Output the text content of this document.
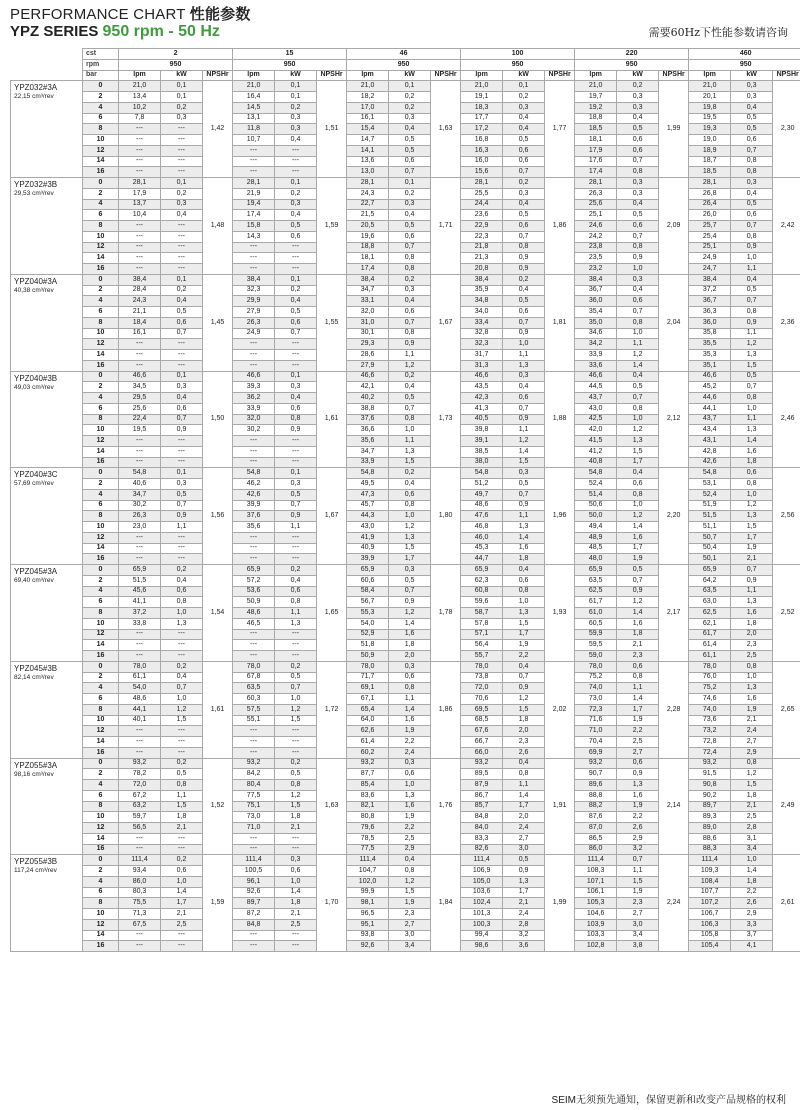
PERFORMANCE CHART 性能参数
YPZ SERIES 950 rpm - 50 Hz	需要60Hz下性能参数请咨询
	cst	2			15			46			100			220			460		
	rpm	950			950			950			950			950			950		
	bar	lpm	kW	NPSHr	lpm	kW	NPSHr	lpm	kW	NPSHr	lpm	kW	NPSHr	lpm	kW	NPSHr	lpm	kW	NPSHr
YPZ032#3A
22,15 cm³/rev	0	21,0	0,1	1,42	21,0	0,1	1,51	21,0	0,1	1,63	21,0	0,1	1,77	21,0	0,2	1,99	21,0	0,3	2,30
	2	13,4	0,1		16,4	0,1		18,2	0,2		19,1	0,2		19,7	0,3		20,1	0,3	
	4	10,2	0,2		14,5	0,2		17,0	0,2		18,3	0,3		19,2	0,3		19,8	0,4	
	6	7,8	0,3		13,1	0,3		16,1	0,3		17,7	0,4		18,8	0,4		19,5	0,5	
	8	---	---		11,8	0,3		15,4	0,4		17,2	0,4		18,5	0,5		19,3	0,5	
	10	---	---		10,7	0,4		14,7	0,5		16,8	0,5		18,1	0,6		19,0	0,6	
	12	---	---		---	---		14,1	0,5		16,3	0,6		17,9	0,6		18,9	0,7	
	14	---	---		---	---		13,6	0,6		16,0	0,6		17,6	0,7		18,7	0,8	
	16	---	---		---	---		13,0	0,7		15,6	0,7		17,4	0,8		18,5	0,8	
YPZ032#3B
29,53 cm³/rev	0	28,1	0,1	1,48	28,1	0,1	1,59	28,1	0,1	1,71	28,1	0,2	1,86	28,1	0,3	2,09	28,1	0,3	2,42
	2	17,9	0,2		21,9	0,2		24,3	0,2		25,5	0,3		26,3	0,3		26,8	0,4	
	4	13,7	0,3		19,4	0,3		22,7	0,3		24,4	0,4		25,6	0,4		26,4	0,5	
	6	10,4	0,4		17,4	0,4		21,5	0,4		23,6	0,5		25,1	0,5		26,0	0,6	
	8	---	---		15,8	0,5		20,5	0,5		22,9	0,6		24,6	0,6		25,7	0,7	
	10	---	---		14,3	0,6		19,6	0,6		22,3	0,7		24,2	0,7		25,4	0,8	
	12	---	---		---	---		18,8	0,7		21,8	0,8		23,8	0,8		25,1	0,9	
	14	---	---		---	---		18,1	0,8		21,3	0,9		23,5	0,9		24,9	1,0	
	16	---	---		---	---		17,4	0,8		20,8	0,9		23,2	1,0		24,7	1,1	
YPZ040#3A
40,38 cm³/rev	0	38,4	0,1	1,45	38,4	0,1	1,55	38,4	0,2	1,67	38,4	0,2	1,81	38,4	0,3	2,04	38,4	0,4	2,36
	2	28,4	0,2		32,3	0,2		34,7	0,3		35,9	0,4		36,7	0,4		37,2	0,5	
	4	24,3	0,4		29,9	0,4		33,1	0,4		34,8	0,5		36,0	0,6		36,7	0,7	
	6	21,1	0,5		27,9	0,5		32,0	0,6		34,0	0,6		35,4	0,7		36,3	0,8	
	8	18,4	0,6		26,3	0,6		31,0	0,7		33,4	0,7		35,0	0,8		36,0	0,9	
	10	16,1	0,7		24,9	0,7		30,1	0,8		32,8	0,9		34,6	1,0		35,8	1,1	
	12	---	---		---	---		29,3	0,9		32,3	1,0		34,2	1,1		35,5	1,2	
	14	---	---		---	---		28,6	1,1		31,7	1,1		33,9	1,2		35,3	1,3	
	16	---	---		---	---		27,9	1,2		31,3	1,3		33,6	1,4		35,1	1,5	
YPZ040#3B
49,03 cm³/rev	0	46,6	0,1	1,50	46,6	0,1	1,61	46,6	0,2	1,73	46,6	0,3	1,88	46,6	0,4	2,12	46,6	0,5	2,46
	2	34,5	0,3		39,3	0,3		42,1	0,4		43,5	0,4		44,5	0,5		45,2	0,7	
	4	29,5	0,4		36,2	0,4		40,2	0,5		42,3	0,6		43,7	0,7		44,6	0,8	
	6	25,6	0,6		33,9	0,6		38,8	0,7		41,3	0,7		43,0	0,8		44,1	1,0	
	8	22,4	0,7		32,0	0,8		37,6	0,8		40,5	0,9		42,5	1,0		43,7	1,1	
	10	19,5	0,9		30,2	0,9		36,6	1,0		39,8	1,1		42,0	1,2		43,4	1,3	
	12	---	---		---	---		35,6	1,1		39,1	1,2		41,5	1,3		43,1	1,4	
	14	---	---		---	---		34,7	1,3		38,5	1,4		41,2	1,5		42,8	1,6	
	16	---	---		---	---		33,9	1,5		38,0	1,5		40,8	1,7		42,6	1,8	
YPZ040#3C
57,69 cm³/rev	0	54,8	0,1	1,56	54,8	0,1	1,67	54,8	0,2	1,80	54,8	0,3	1,96	54,8	0,4	2,20	54,8	0,6	2,56
	2	40,6	0,3		46,2	0,3		49,5	0,4		51,2	0,5		52,4	0,6		53,1	0,8	
	4	34,7	0,5		42,6	0,5		47,3	0,6		49,7	0,7		51,4	0,8		52,4	1,0	
	6	30,2	0,7		39,9	0,7		45,7	0,8		48,6	0,9		50,6	1,0		51,9	1,2	
	8	26,3	0,9		37,6	0,9		44,3	1,0		47,6	1,1		50,0	1,2		51,5	1,3	
	10	23,0	1,1		35,6	1,1		43,0	1,2		46,8	1,3		49,4	1,4		51,1	1,5	
	12	---	---		---	---		41,9	1,3		46,0	1,4		48,9	1,6		50,7	1,7	
	14	---	---		---	---		40,9	1,5		45,3	1,6		48,5	1,7		50,4	1,9	
	16	---	---		---	---		39,9	1,7		44,7	1,8		48,0	1,9		50,1	2,1	
YPZ045#3A
69,40 cm³/rev	0	65,9	0,2	1,54	65,9	0,2	1,65	65,9	0,3	1,78	65,9	0,4	1,93	65,9	0,5	2,17	65,9	0,7	2,52
	2	51,5	0,4		57,2	0,4		60,6	0,5		62,3	0,6		63,5	0,7		64,2	0,9	
	4	45,6	0,6		53,6	0,6		58,4	0,7		60,8	0,8		62,5	0,9		63,5	1,1	
	6	41,1	0,8		50,9	0,8		56,7	0,9		59,6	1,0		61,7	1,2		63,0	1,3	
	8	37,2	1,0		48,6	1,1		55,3	1,2		58,7	1,3		61,0	1,4		62,5	1,6	
	10	33,8	1,3		46,5	1,3		54,0	1,4		57,8	1,5		60,5	1,6		62,1	1,8	
	12	---	---		---	---		52,9	1,6		57,1	1,7		59,9	1,8		61,7	2,0	
	14	---	---		---	---		51,8	1,8		56,4	1,9		59,5	2,1		61,4	2,3	
	16	---	---		---	---		50,9	2,0		55,7	2,2		59,0	2,3		61,1	2,5	
YPZ045#3B
82,14 cm³/rev	0	78,0	0,2	1,61	78,0	0,2	1,72	78,0	0,3	1,86	78,0	0,4	2,02	78,0	0,6	2,28	78,0	0,8	2,65
	2	61,1	0,4		67,8	0,5		71,7	0,6		73,8	0,7		75,2	0,8		76,0	1,0	
	4	54,0	0,7		63,5	0,7		69,1	0,8		72,0	0,9		74,0	1,1		75,2	1,3	
	6	48,6	1,0		60,3	1,0		67,1	1,1		70,6	1,2		73,0	1,4		74,6	1,6	
	8	44,1	1,2		57,5	1,2		65,4	1,4		69,5	1,5		72,3	1,7		74,0	1,9	
	10	40,1	1,5		55,1	1,5		64,0	1,6		68,5	1,8		71,6	1,9		73,6	2,1	
	12	---	---		---	---		62,6	1,9		67,6	2,0		71,0	2,2		73,2	2,4	
	14	---	---		---	---		61,4	2,2		66,7	2,3		70,4	2,5		72,8	2,7	
	16	---	---		---	---		60,2	2,4		66,0	2,6		69,9	2,7		72,4	2,9	
YPZ055#3A
98,16 cm³/rev	0	93,2	0,2	1,52	93,2	0,2	1,63	93,2	0,3	1,76	93,2	0,4	1,91	93,2	0,6	2,14	93,2	0,8	2,49
	2	78,2	0,5		84,2	0,5		87,7	0,6		89,5	0,8		90,7	0,9		91,5	1,2	
	4	72,0	0,8		80,4	0,8		85,4	1,0		87,9	1,1		89,6	1,3		90,8	1,5	
	6	67,2	1,1		77,5	1,2		83,6	1,3		86,7	1,4		88,8	1,6		90,2	1,8	
	8	63,2	1,5		75,1	1,5		82,1	1,6		85,7	1,7		88,2	1,9		89,7	2,1	
	10	59,7	1,8		73,0	1,8		80,8	1,9		84,8	2,0		87,6	2,2		89,3	2,5	
	12	56,5	2,1		71,0	2,1		79,6	2,2		84,0	2,4		87,0	2,6		89,0	2,8	
	14	---	---		---	---		78,5	2,5		83,3	2,7		86,5	2,9		88,6	3,1	
	16	---	---		---	---		77,5	2,9		82,6	3,0		86,0	3,2		88,3	3,4	
YPZ055#3B
117,24 cm³/rev	0	111,4	0,2	1,59	111,4	0,3	1,70	111,4	0,4	1,84	111,4	0,5	1,99	111,4	0,7	2,24	111,4	1,0	2,61
	2	93,4	0,6		100,5	0,6		104,7	0,8		106,9	0,9		108,3	1,1		109,3	1,4	
	4	86,0	1,0		96,1	1,0		102,0	1,2		105,0	1,3		107,1	1,5		108,4	1,8	
	6	80,3	1,4		92,6	1,4		99,9	1,5		103,6	1,7		106,1	1,9		107,7	2,2	
	8	75,5	1,7		89,7	1,8		98,1	1,9		102,4	2,1		105,3	2,3		107,2	2,6	
	10	71,3	2,1		87,2	2,1		96,5	2,3		101,3	2,4		104,6	2,7		106,7	2,9	
	12	67,5	2,5		84,8	2,5		95,1	2,7		100,3	2,8		103,9	3,0		106,3	3,3	
	14	---	---		---	---		93,8	3,0		99,4	3,2		103,3	3,4		105,8	3,7	
	16	---	---		---	---		92,6	3,4		98,6	3,6		102,8	3,8		105,4	4,1	
SEIM无须预先通知，保留更新和改变产品规格的权利
